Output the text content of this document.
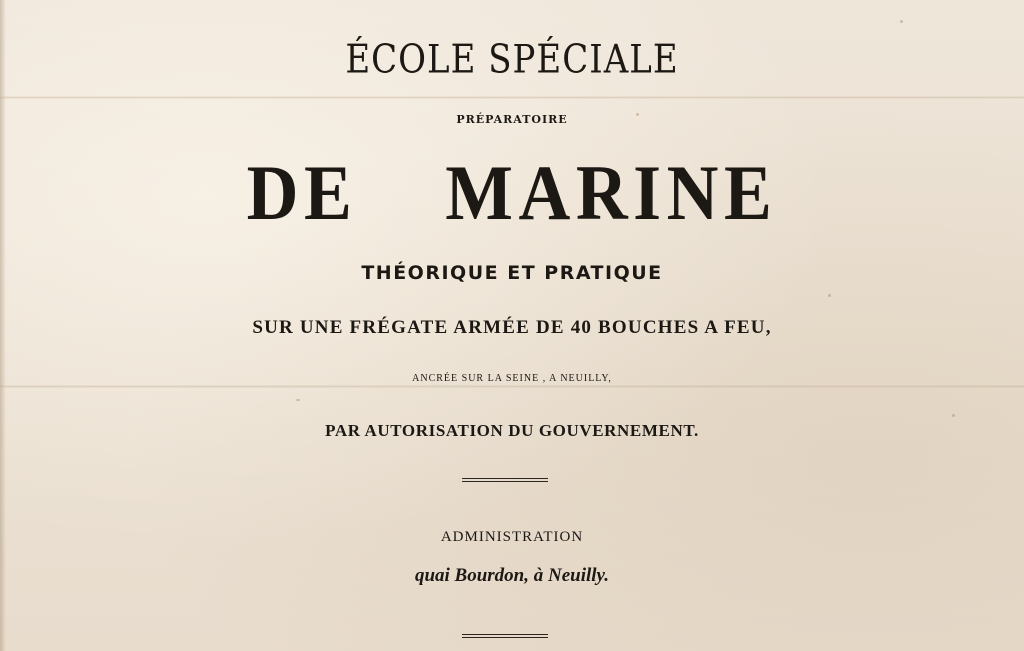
ÉCOLE SPÉCIALE
PRÉPARATOIRE
DE MARINE
THÉORIQUE ET PRATIQUE
SUR UNE FRÉGATE ARMÉE DE 40 BOUCHES A FEU,
ANCRÉE SUR LA SEINE , A NEUILLY,
PAR AUTORISATION DU GOUVERNEMENT.
ADMINISTRATION
quai Bourdon, à Neuilly.
